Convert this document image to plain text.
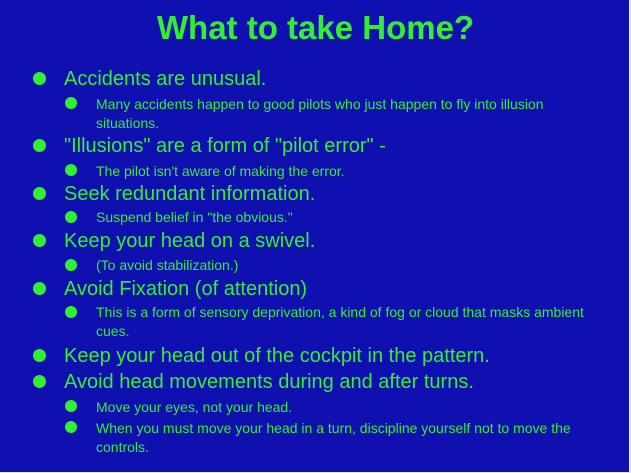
What to take Home?
Accidents are unusual.
Many accidents happen to good pilots who just happen to fly into illusion situations.
"Illusions" are a form of "pilot error" -
The pilot isn't aware of making the error.
Seek redundant information.
Suspend belief in "the obvious."
Keep your head on a swivel.
(To avoid stabilization.)
Avoid Fixation (of attention)
This is a form of sensory deprivation, a kind of fog or cloud that masks ambient cues.
Keep your head out of the cockpit in the pattern.
Avoid head movements during and after turns.
Move your eyes, not your head.
When you must move your head in a turn, discipline yourself not to move the controls.
